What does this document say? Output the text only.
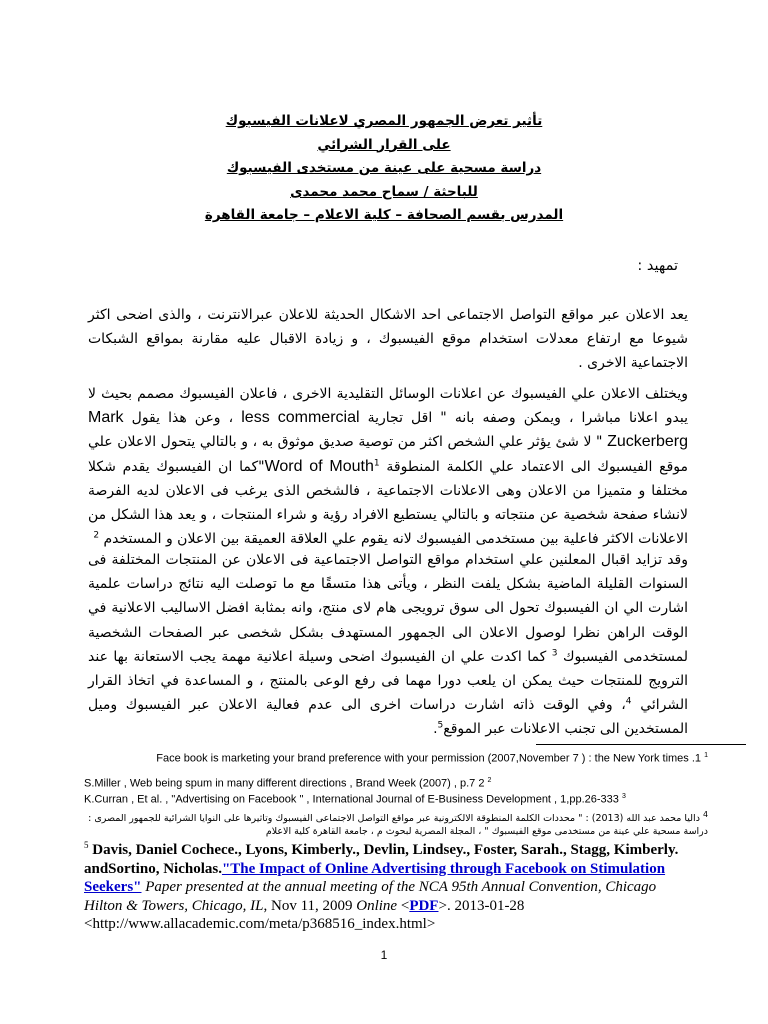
تأثير تعرض الجمهور المصري لاعلانات الفيسبوك
على القرار الشرائي
دراسة مسحية على عينة من مستخدى الفيسبوك
للباحثة / سماح محمد محمدى
المدرس بقسم الصحافة – كلية الاعلام – جامعة القاهرة
تمهيد :

يعد الاعلان عبر مواقع التواصل الاجتماعى احد الاشكال الحديثة للاعلان عبرالانترنت ، والذى اضحى اكثر شيوعا مع ارتفاع معدلات استخدام موقع الفيسبوك ، و زيادة الاقبال عليه مقارنة بمواقع الشبكات الاجتماعية الاخرى .

ويختلف الاعلان علي الفيسبوك عن اعلانات الوسائل التقليدية الاخرى ، فاعلان الفيسبوك مصمم بحيث لا يبدو اعلانا مباشرا ، ويمكن وصفه بانه " اقل تجارية less commercial ، وعن هذا يقول Mark Zuckerberg " لا شئ يؤثر علي الشخص اكثر من توصية صديق موثوق به ، و بالتالي يتحول الاعلان علي موقع الفيسبوك الى الاعتماد علي الكلمة المنطوقة Word of Mouth$^1$"كما ان الفيسبوك يقدم شكلا مختلفا و متميزا من الاعلان وهى الاعلانات الاجتماعية ، فالشخص الذى يرغب فى الاعلان لديه الفرصة لانشاء صفحة شخصية عن منتجاته و بالتالي يستطيع الافراد رؤية و شراء المنتجات ، و يعد هذا الشكل من الاعلانات الاكثر فاعلية بين مستخدمى الفيسبوك لانه يقوم علي العلاقة العميقة بين الاعلان و المستخدم $^2$

وقد تزايد اقبال المعلنين علي استخدام مواقع التواصل الاجتماعية فى الاعلان عن المنتجات المختلفة فى السنوات القليلة الماضية بشكل يلفت النظر ، ويأتى هذا متسقًا مع ما توصلت اليه نتائج دراسات علمية اشارت الي ان الفيسبوك تحول الى سوق ترويجى هام لاى منتج، وانه بمثابة افضل الاساليب الاعلانية في الوقت الراهن نظرا لوصول الاعلان الى الجمهور المستهدف بشكل شخصى عبر الصفحات الشخصية لمستخدمى الفيسبوك $^3$ كما اكدت علي ان الفيسبوك اضحى وسيلة اعلانية مهمة يجب الاستعانة بها عند الترويج للمنتجات حيث يمكن ان يلعب دورا مهما فى رفع الوعى بالمنتج ، و المساعدة في اتخاذ القرار الشرائي $^4$، وفي الوقت ذاته اشارت دراسات اخرى الى عدم فعالية الاعلان عبر الفيسبوك وميل المستخدين الى تجنب الاعلانات عبر الموقع$^5$.

Face book is marketing your brand preference with your permission (2007,November 7 ) : the New York times .1 $^1$
S.Miller , Web being spum in many different directions , Brand Week (2007) , p.7 2 $^2$
K.Curran , Et al. , "Advertising on Facebook " , International Journal of E-Business Development , 1,pp.26-333 $^3$
$^4$ داليا محمد عبد الله (2013) : " محددات الكلمة المنطوقة الالكترونية عبر مواقع التواصل الاجتماعى الفيسبوك وتاثيرها على النوايا الشرائية للجمهور المصرى : دراسة مسحية علي عينة من مستخدمى موقع الفيسبوك " ، المجلة المصرية لبحوث م ، جامعة القاهرة كلية الاعلام
$^5$ Davis, Daniel Cochece., Lyons, Kimberly., Devlin, Lindsey., Foster, Sarah., Stagg, Kimberly. andSortino, Nicholas."The Impact of Online Advertising through Facebook on Stimulation Seekers" Paper presented at the annual meeting of the NCA 95th Annual Convention, Chicago Hilton & Towers, Chicago, IL, Nov 11, 2009 Online <PDF>. 2013-01-28
<http://www.allacademic.com/meta/p368516_index.html>
1
